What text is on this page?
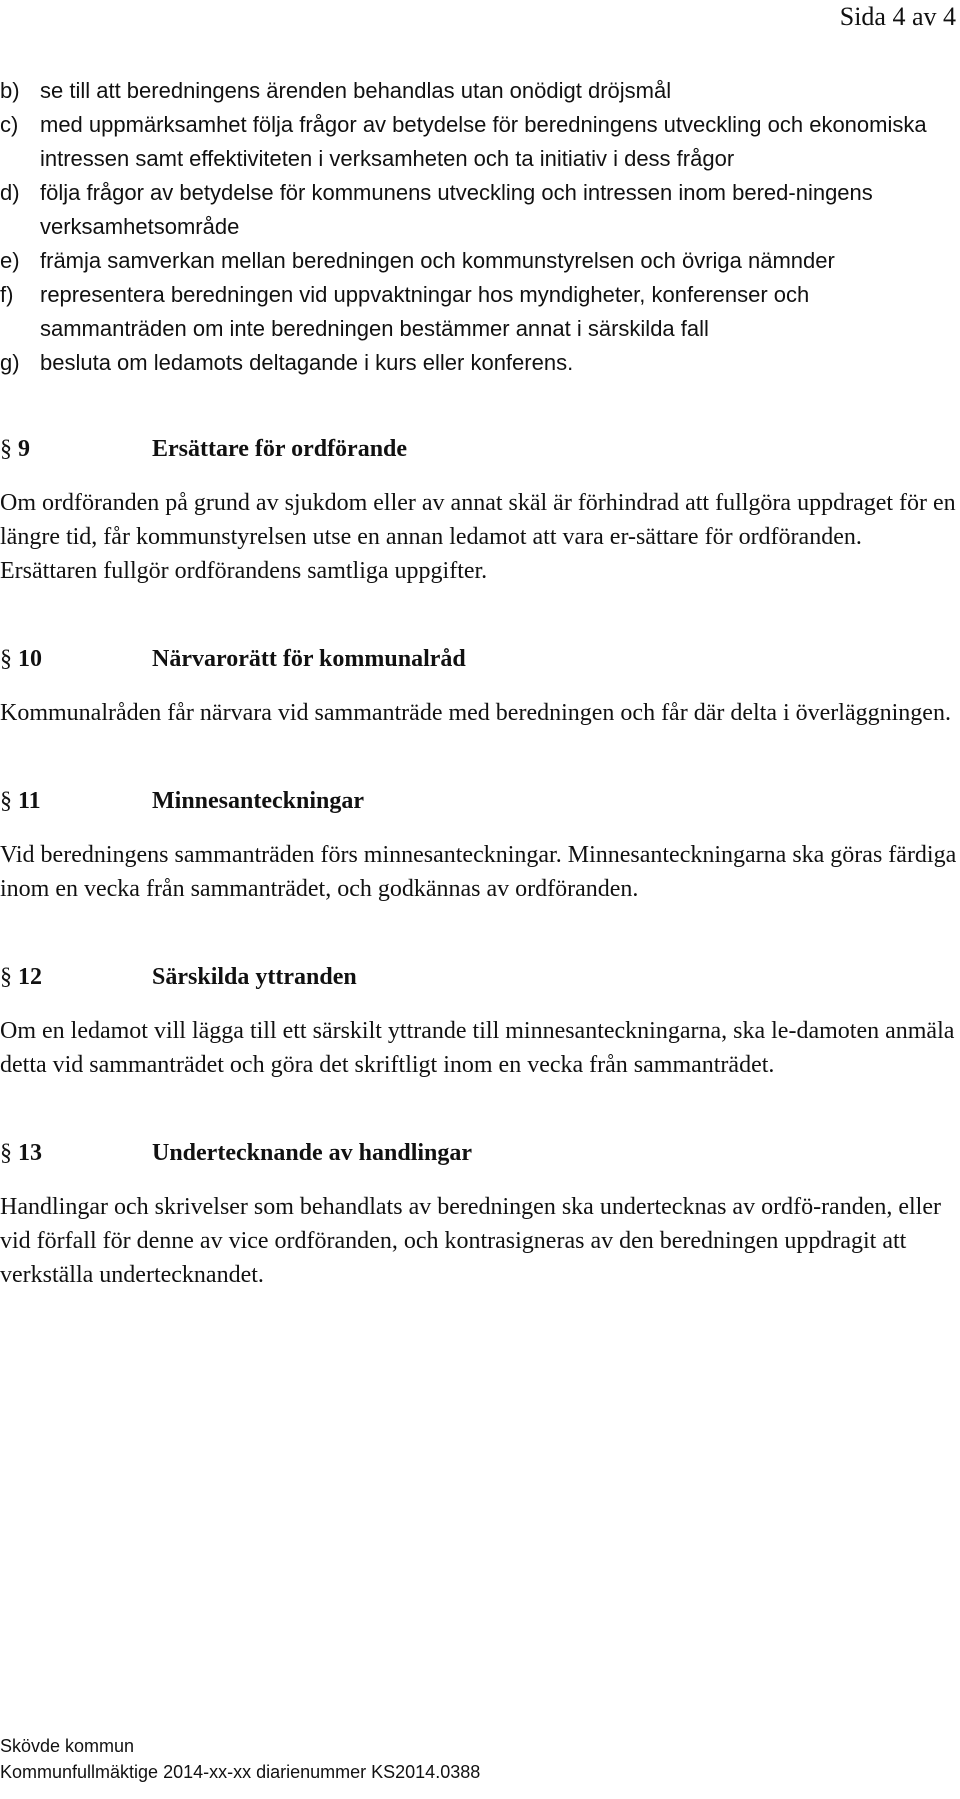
Sida 4 av 4
b) se till att beredningens ärenden behandlas utan onödigt dröjsmål
c) med uppmärksamhet följa frågor av betydelse för beredningens utveckling och ekonomiska intressen samt effektiviteten i verksamheten och ta initiativ i dess frågor
d) följa frågor av betydelse för kommunens utveckling och intressen inom bered-ningens verksamhetsområde
e) främja samverkan mellan beredningen och kommunstyrelsen och övriga nämnder
f)	representera beredningen vid uppvaktningar hos myndigheter, konferenser och sammanträden om inte beredningen bestämmer annat i särskilda fall
g) besluta om ledamots deltagande i kurs eller konferens.
§ 9	Ersättare för ordförande
Om ordföranden på grund av sjukdom eller av annat skäl är förhindrad att fullgöra uppdraget för en längre tid, får kommunstyrelsen utse en annan ledamot att vara er-sättare för ordföranden. Ersättaren fullgör ordförandens samtliga uppgifter.
§ 10	Närvarorätt för kommunalråd
Kommunalråden får närvara vid sammanträde med beredningen och får där delta i överläggningen.
§ 11	Minnesanteckningar
Vid beredningens sammanträden förs minnesanteckningar. Minnesanteckningarna ska göras färdiga inom en vecka från sammanträdet, och godkännas av ordföranden.
§ 12	Särskilda yttranden
Om en ledamot vill lägga till ett särskilt yttrande till minnesanteckningarna, ska le-damoten anmäla detta vid sammanträdet och göra det skriftligt inom en vecka från sammanträdet.
§ 13	Undertecknande av handlingar
Handlingar och skrivelser som behandlats av beredningen ska undertecknas av ordfö-randen, eller vid förfall för denne av vice ordföranden, och kontrasigneras av den beredningen uppdragit att verkställa undertecknandet.
Skövde kommun
Kommunfullmäktige 2014-xx-xx diarienummer KS2014.0388
